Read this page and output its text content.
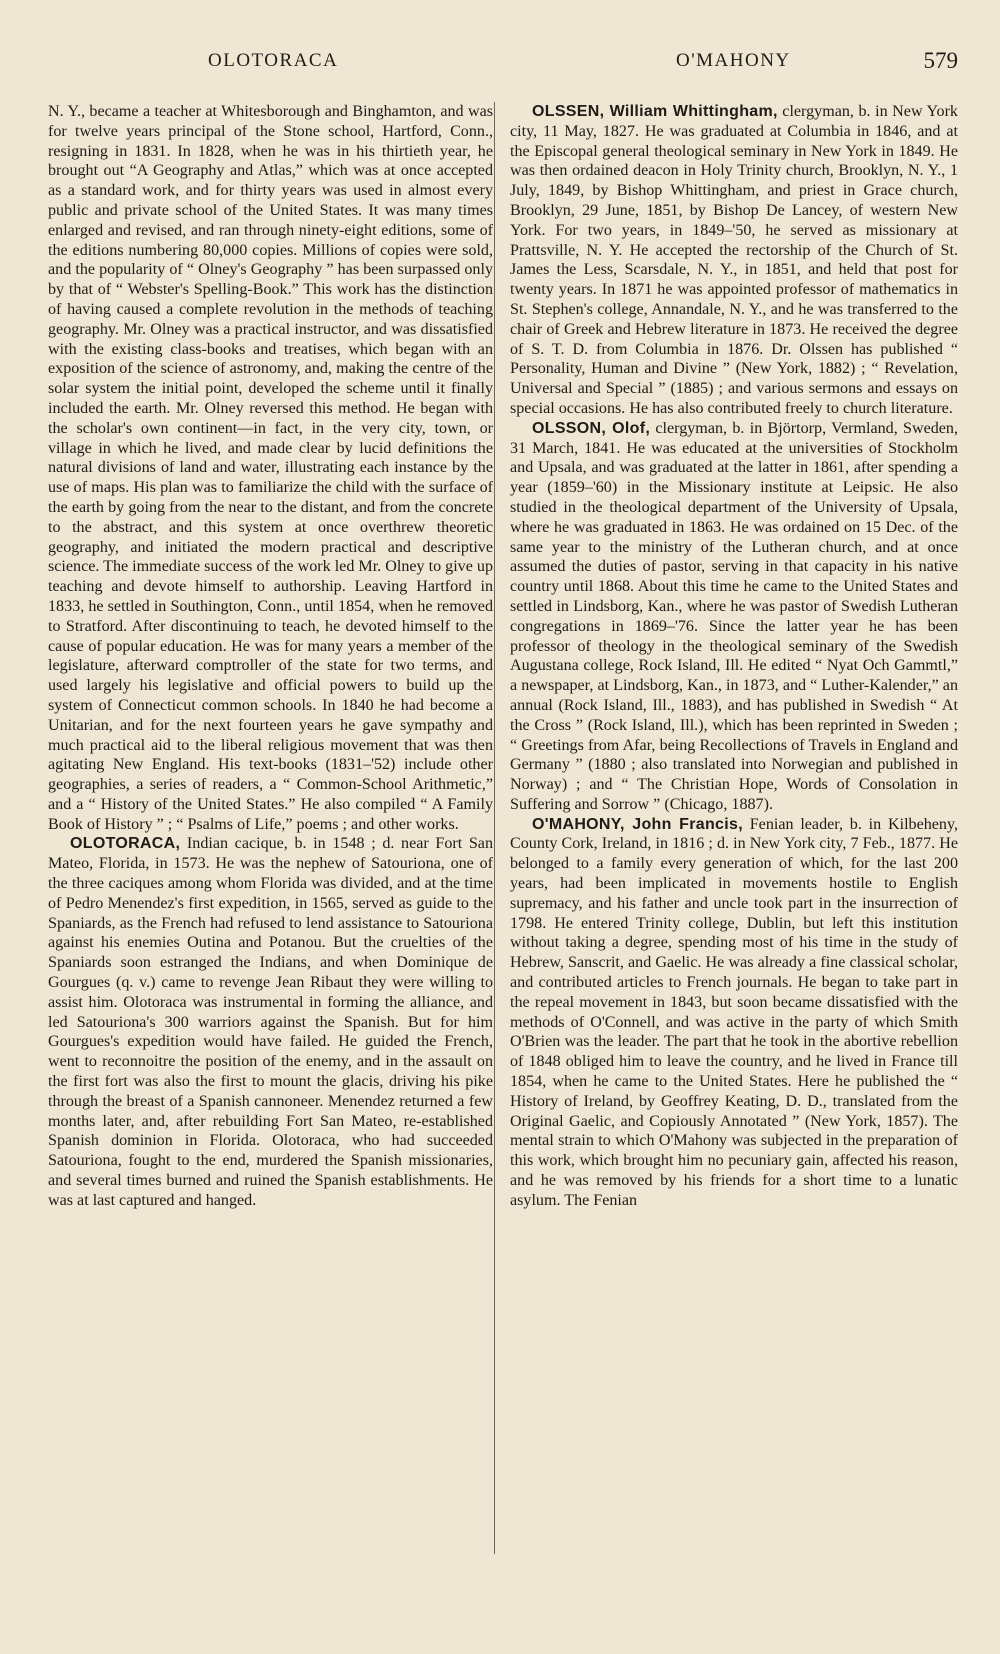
OLOTORACA	O'MAHONY	579

N. Y., became a teacher at Whitesborough and Binghamton, and was for twelve years principal of the Stone school, Hartford, Conn., resigning in 1831. In 1828, when he was in his thirtieth year, he brought out “A Geography and Atlas,” which was at once accepted as a standard work, and for thirty years was used in almost every public and private school of the United States. It was many times enlarged and revised, and ran through ninety-eight editions, some of the editions numbering 80,000 copies. Millions of copies were sold, and the popularity of “ Olney's Geography ” has been surpassed only by that of “ Webster's Spelling-Book.” This work has the distinction of having caused a complete revolution in the methods of teaching geography. Mr. Olney was a practical instructor, and was dissatisfied with the existing class-books and treatises, which began with an exposition of the science of astronomy, and, making the centre of the solar system the initial point, developed the scheme until it finally included the earth. Mr. Olney reversed this method. He began with the scholar's own continent—in fact, in the very city, town, or village in which he lived, and made clear by lucid definitions the natural divisions of land and water, illustrating each instance by the use of maps. His plan was to familiarize the child with the surface of the earth by going from the near to the distant, and from the concrete to the abstract, and this system at once overthrew theoretic geography, and initiated the modern practical and descriptive science. The immediate success of the work led Mr. Olney to give up teaching and devote himself to authorship. Leaving Hartford in 1833, he settled in Southington, Conn., until 1854, when he removed to Stratford. After discontinuing to teach, he devoted himself to the cause of popular education. He was for many years a member of the legislature, afterward comptroller of the state for two terms, and used largely his legislative and official powers to build up the system of Connecticut common schools. In 1840 he had become a Unitarian, and for the next fourteen years he gave sympathy and much practical aid to the liberal religious movement that was then agitating New England. His text-books (1831–'52) include other geographies, a series of readers, a “ Common-School Arithmetic,” and a “ History of the United States.” He also compiled “ A Family Book of History ” ; “ Psalms of Life,” poems ; and other works.

OLOTORACA, Indian cacique, b. in 1548 ; d. near Fort San Mateo, Florida, in 1573. He was the nephew of Satouriona, one of the three caciques among whom Florida was divided, and at the time of Pedro Menendez's first expedition, in 1565, served as guide to the Spaniards, as the French had refused to lend assistance to Satouriona against his enemies Outina and Potanou. But the cruelties of the Spaniards soon estranged the Indians, and when Dominique de Gourgues (q. v.) came to revenge Jean Ribaut they were willing to assist him. Olotoraca was instrumental in forming the alliance, and led Satouriona's 300 warriors against the Spanish. But for him Gourgues's expedition would have failed. He guided the French, went to reconnoitre the position of the enemy, and in the assault on the first fort was also the first to mount the glacis, driving his pike through the breast of a Spanish cannoneer. Menendez returned a few months later, and, after rebuilding Fort San Mateo, re-established Spanish dominion in Florida. Olotoraca, who had succeeded Satouriona, fought to the end, murdered the Spanish missionaries, and several times burned and ruined the Spanish establishments. He was at last captured and hanged.

OLSSEN, William Whittingham, clergyman, b. in New York city, 11 May, 1827. He was graduated at Columbia in 1846, and at the Episcopal general theological seminary in New York in 1849. He was then ordained deacon in Holy Trinity church, Brooklyn, N. Y., 1 July, 1849, by Bishop Whittingham, and priest in Grace church, Brooklyn, 29 June, 1851, by Bishop De Lancey, of western New York. For two years, in 1849–'50, he served as missionary at Prattsville, N. Y. He accepted the rectorship of the Church of St. James the Less, Scarsdale, N. Y., in 1851, and held that post for twenty years. In 1871 he was appointed professor of mathematics in St. Stephen's college, Annandale, N. Y., and he was transferred to the chair of Greek and Hebrew literature in 1873. He received the degree of S. T. D. from Columbia in 1876. Dr. Olssen has published “ Personality, Human and Divine ” (New York, 1882) ; “ Revelation, Universal and Special ” (1885) ; and various sermons and essays on special occasions. He has also contributed freely to church literature.

OLSSON, Olof, clergyman, b. in Björtorp, Vermland, Sweden, 31 March, 1841. He was educated at the universities of Stockholm and Upsala, and was graduated at the latter in 1861, after spending a year (1859–'60) in the Missionary institute at Leipsic. He also studied in the theological department of the University of Upsala, where he was graduated in 1863. He was ordained on 15 Dec. of the same year to the ministry of the Lutheran church, and at once assumed the duties of pastor, serving in that capacity in his native country until 1868. About this time he came to the United States and settled in Lindsborg, Kan., where he was pastor of Swedish Lutheran congregations in 1869–'76. Since the latter year he has been professor of theology in the theological seminary of the Swedish Augustana college, Rock Island, Ill. He edited “ Nyat Och Gammtl,” a newspaper, at Lindsborg, Kan., in 1873, and “ Luther-Kalender,” an annual (Rock Island, Ill., 1883), and has published in Swedish “ At the Cross ” (Rock Island, Ill.), which has been reprinted in Sweden ; “ Greetings from Afar, being Recollections of Travels in England and Germany ” (1880 ; also translated into Norwegian and published in Norway) ; and “ The Christian Hope, Words of Consolation in Suffering and Sorrow ” (Chicago, 1887).

O'MAHONY, John Francis, Fenian leader, b. in Kilbeheny, County Cork, Ireland, in 1816 ; d. in New York city, 7 Feb., 1877. He belonged to a family every generation of which, for the last 200 years, had been implicated in movements hostile to English supremacy, and his father and uncle took part in the insurrection of 1798. He entered Trinity college, Dublin, but left this institution without taking a degree, spending most of his time in the study of Hebrew, Sanscrit, and Gaelic. He was already a fine classical scholar, and contributed articles to French journals. He began to take part in the repeal movement in 1843, but soon became dissatisfied with the methods of O'Connell, and was active in the party of which Smith O'Brien was the leader. The part that he took in the abortive rebellion of 1848 obliged him to leave the country, and he lived in France till 1854, when he came to the United States. Here he published the “ History of Ireland, by Geoffrey Keating, D. D., translated from the Original Gaelic, and Copiously Annotated ” (New York, 1857). The mental strain to which O'Mahony was subjected in the preparation of this work, which brought him no pecuniary gain, affected his reason, and he was removed by his friends for a short time to a lunatic asylum. The Fenian
